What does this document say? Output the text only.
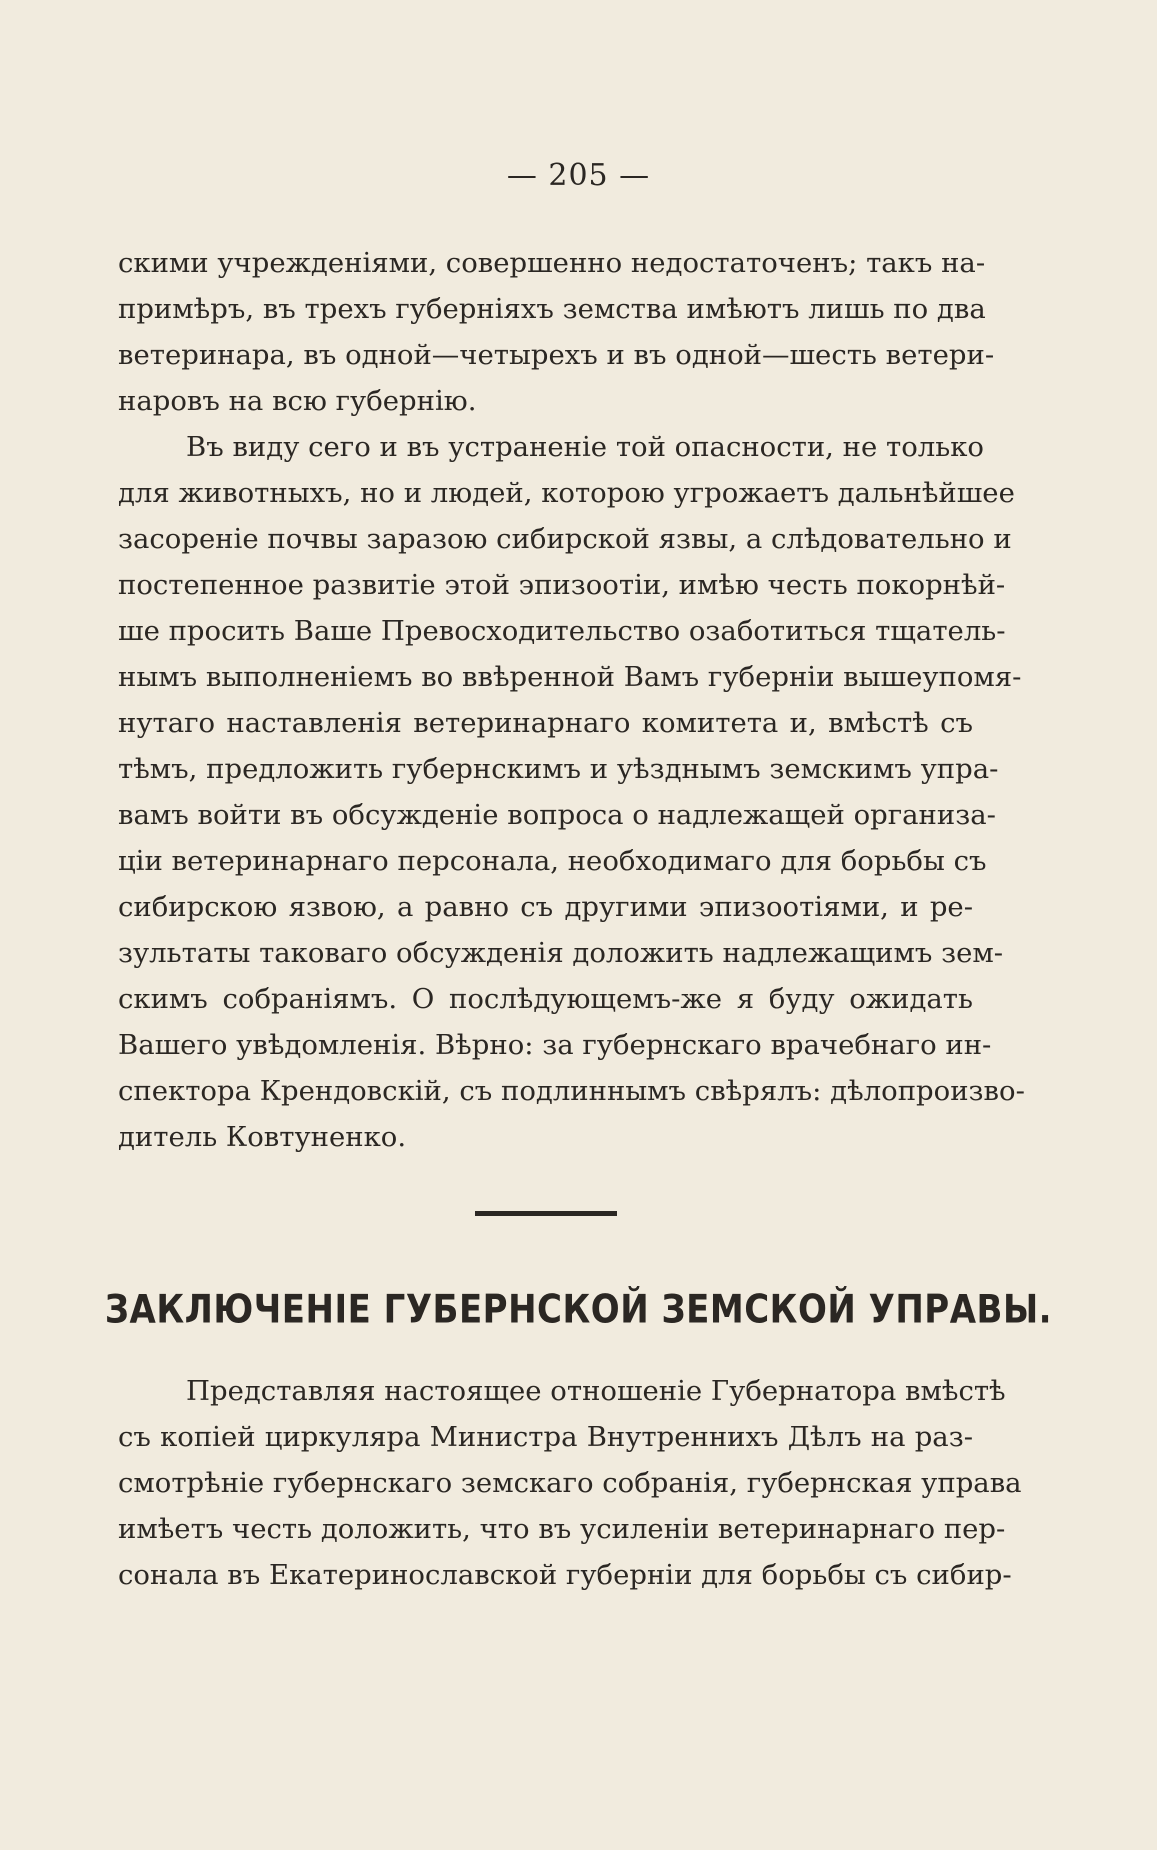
— 205 —
скими учрежденіями, совершенно недостаточенъ; такъ на-
примѣръ, въ трехъ губерніяхъ земства имѣютъ лишь по два
ветеринара, въ одной—четырехъ и въ одной—шесть ветери-
наровъ на всю губернію.
Въ виду сего и въ устраненіе той опасности, не только
для животныхъ, но и людей, которою угрожаетъ дальнѣйшее
засореніе почвы заразою сибирской язвы, а слѣдовательно и
постепенное развитіе этой эпизоотіи, имѣю честь покорнѣй-
ше просить Ваше Превосходительство озаботиться тщатель-
нымъ выполненіемъ во ввѣренной Вамъ губерніи вышеупомя-
нутаго наставленія ветеринарнаго комитета и, вмѣстѣ съ
тѣмъ, предложить губернскимъ и уѣзднымъ земскимъ упра-
вамъ войти въ обсужденіе вопроса о надлежащей организа-
ціи ветеринарнаго персонала, необходимаго для борьбы съ
сибирскою язвою, а равно съ другими эпизоотіями, и ре-
зультаты таковаго обсужденія доложить надлежащимъ зем-
скимъ собраніямъ. О послѣдующемъ-же я буду ожидать
Вашего увѣдомленія. Вѣрно: за губернскаго врачебнаго ин-
спектора Крендовскій, съ подлиннымъ свѣрялъ: дѣлопроизво-
дитель Ковтуненко.
ЗАКЛЮЧЕНІЕ ГУБЕРНСКОЙ ЗЕМСКОЙ УПРАВЫ.
Представляя настоящее отношеніе Губернатора вмѣстѣ
съ копіей циркуляра Министра Внутреннихъ Дѣлъ на раз-
смотрѣніе губернскаго земскаго собранія, губернская управа
имѣетъ честь доложить, что въ усиленіи ветеринарнаго пер-
сонала въ Екатеринославской губерніи для борьбы съ сибир-
